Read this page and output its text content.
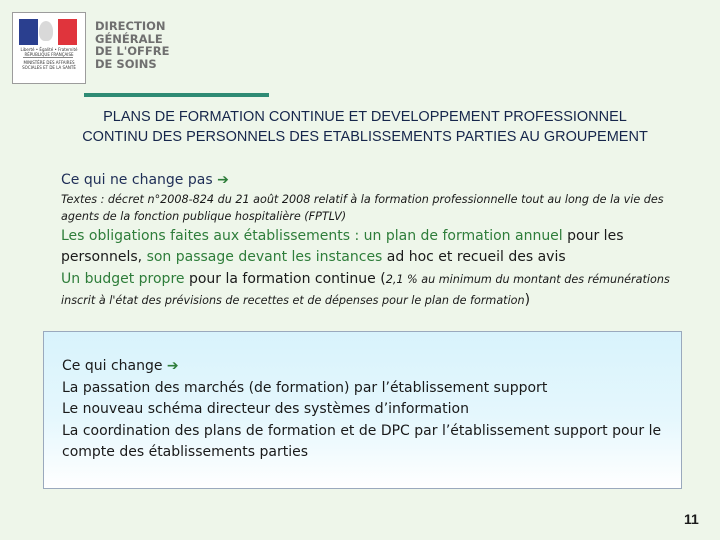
Liberté • Égalité • Fraternité RÉPUBLIQUE FRANÇAISE
MINISTÈRE DES AFFAIRES SOCIALES ET DE LA SANTÉ
DIRECTION
GÉNÉRALE
DE L'OFFRE
DE SOINS
PLANS DE FORMATION CONTINUE ET DEVELOPPEMENT PROFESSIONNEL
CONTINU DES PERSONNELS DES ETABLISSEMENTS PARTIES AU GROUPEMENT
Ce qui ne change pas ➔
Textes : décret n°2008-824 du 21 août 2008 relatif à la formation professionnelle tout au long de la vie des agents de la fonction publique hospitalière (FPTLV)
Les obligations faites aux établissements : un plan de formation annuel pour les personnels, son passage devant les instances ad hoc et recueil des avis
Un budget propre pour la formation continue (2,1 % au minimum du montant des rémunérations inscrit à l'état des prévisions de recettes et de dépenses pour le plan de formation)
Ce qui change ➔
La passation des marchés (de formation) par l’établissement support
Le nouveau schéma directeur des systèmes d’information
La coordination des plans de formation et de DPC par l’établissement support pour le compte des établissements parties
11
